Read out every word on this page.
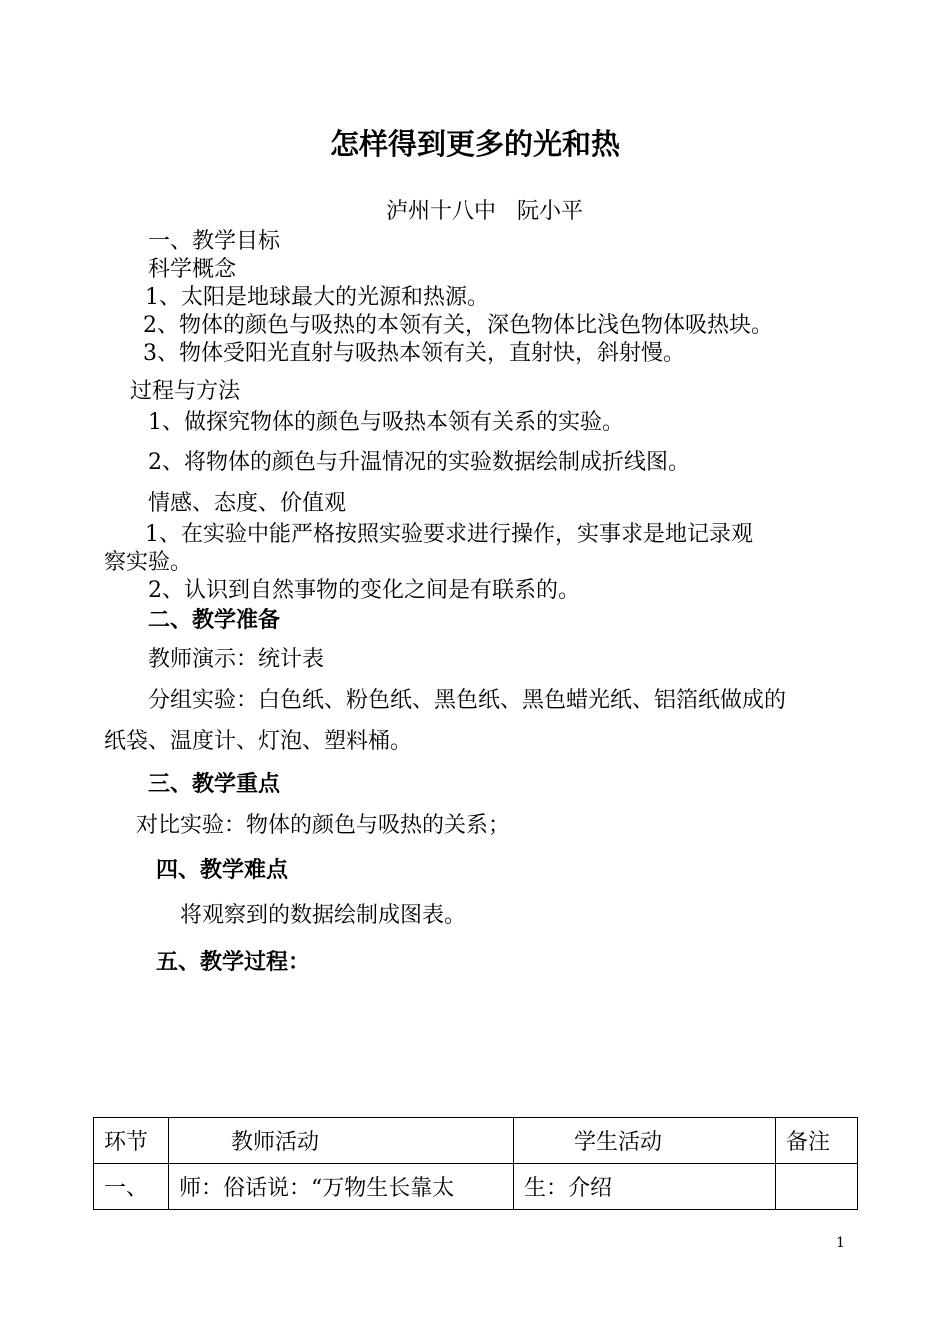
怎样得到更多的光和热
泸州十八中   阮小平
一、教学目标
科学概念
1、太阳是地球最大的光源和热源。
2、物体的颜色与吸热的本领有关，深色物体比浅色物体吸热块。
3、物体受阳光直射与吸热本领有关，直射快，斜射慢。
过程与方法
1、做探究物体的颜色与吸热本领有关系的实验。
2、将物体的颜色与升温情况的实验数据绘制成折线图。
情感、态度、价值观
1、在实验中能严格按照实验要求进行操作，实事求是地记录观
察实验。
2、认识到自然事物的变化之间是有联系的。
二、教学准备
教师演示：统计表
分组实验：白色纸、粉色纸、黑色纸、黑色蜡光纸、铝箔纸做成的
纸袋、温度计、灯泡、塑料桶。
三、教学重点
对比实验：物体的颜色与吸热的关系；
四、教学难点
将观察到的数据绘制成图表。
五、教学过程：
环节	教师活动	学生活动	备注
一、	师：俗话说：“万物生长靠太	生：介绍	
1
